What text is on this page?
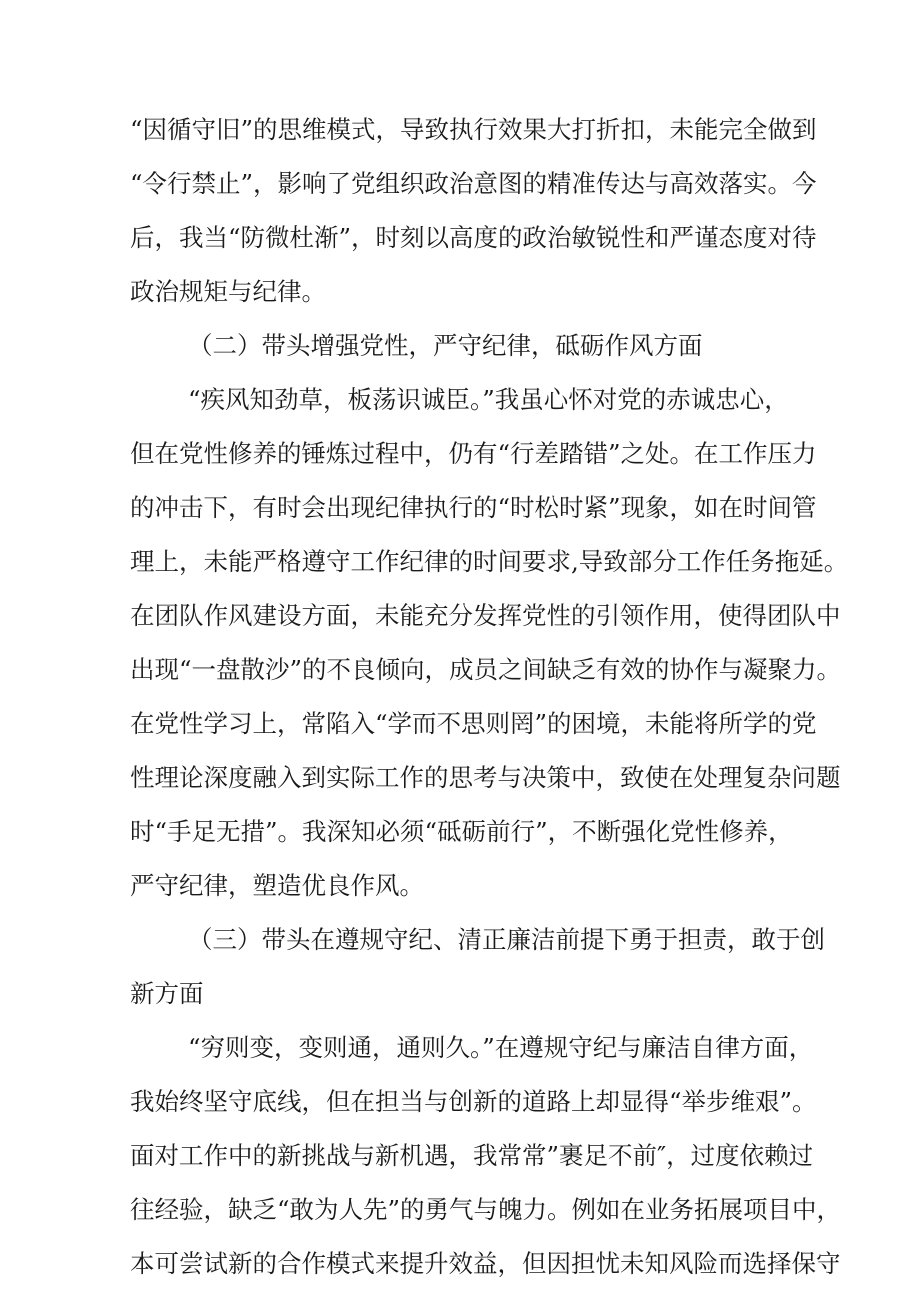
“因循守旧”的思维模式，导致执行效果大打折扣，未能完全做到
“令行禁止”，影响了党组织政治意图的精准传达与高效落实。今
后，我当“防微杜渐”，时刻以高度的政治敏锐性和严谨态度对待
政治规矩与纪律。
（二）带头增强党性，严守纪律，砥砺作风方面
“疾风知劲草，板荡识诚臣。”我虽心怀对党的赤诚忠心，
但在党性修养的锤炼过程中，仍有“行差踏错”之处。在工作压力
的冲击下，有时会出现纪律执行的“时松时紧”现象，如在时间管
理上，未能严格遵守工作纪律的时间要求,导致部分工作任务拖延。
在团队作风建设方面，未能充分发挥党性的引领作用，使得团队中
出现“一盘散沙”的不良倾向，成员之间缺乏有效的协作与凝聚力。
在党性学习上，常陷入“学而不思则罔”的困境，未能将所学的党
性理论深度融入到实际工作的思考与决策中，致使在处理复杂问题
时“手足无措”。我深知必须“砥砺前行”，不断强化党性修养，
严守纪律，塑造优良作风。
（三）带头在遵规守纪、清正廉洁前提下勇于担责，敢于创
新方面
“穷则变，变则通，通则久。”在遵规守纪与廉洁自律方面，
我始终坚守底线，但在担当与创新的道路上却显得“举步维艰”。
面对工作中的新挑战与新机遇，我常常”裹足不前″，过度依赖过
往经验，缺乏“敢为人先”的勇气与魄力。例如在业务拓展项目中，
本可尝试新的合作模式来提升效益，但因担忧未知风险而选择保守
